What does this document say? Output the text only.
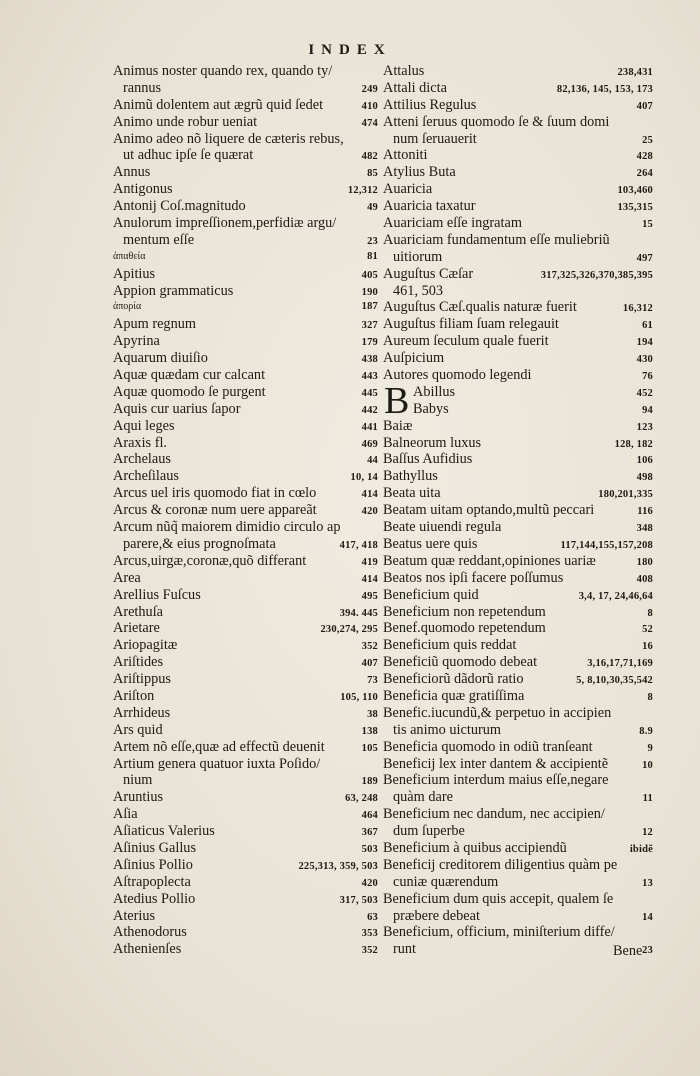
INDEX
Animus noster quando rex, quando ty/
rannus	249
Animũ dolentem aut ægrũ quid ſedet	410
Animo unde robur ueniat	474
Animo adeo nõ liquere de cæteris rebus,
ut adhuc ipſe ſe quærat	482
Annus	85
Antigonus	12,312
Antonij Coſ.magnitudo	49
Anulorum impreſſionem,perfidiæ argu/
mentum eſſe	23
ἀπαθεία	81
Apitius	405
Appion grammaticus	190
ἀπορία	187
Apum regnum	327
Apyrina	179
Aquarum diuiſio	438
Aquæ quædam cur calcant	443
Aquæ quomodo ſe purgent	445
Aquis cur uarius ſapor	442
Aqui leges	441
Araxis fl.	469
Archelaus	44
Archeſilaus	10, 14
Arcus uel iris quomodo fiat in cœlo	414
Arcus & coronæ num uere appareãt	420
Arcum nũq̃ maiorem dimidio circulo ap
parere,& eius prognoſmata	417, 418
Arcus,uirgæ,coronæ,quõ differant	419
Area	414
Arellius Fuſcus	495
Arethuſa	394. 445
Arietare	230,274, 295
Ariopagitæ	352
Ariſtides	407
Ariſtippus	73
Ariſton	105, 110
Arrhideus	38
Ars quid	138
Artem nõ eſſe,quæ ad effectũ deuenit	105
Artium genera quatuor iuxta Poſido/
nium	189
Aruntius	63, 248
Aſia	464
Aſiaticus Valerius	367
Aſinius Gallus	503
Aſinius Pollio	225,313, 359, 503
Aſtrapoplecta	420
Atedius Pollio	317, 503
Aterius	63
Athenodorus	353
Athenienſes	352
Attalus	238,431
Attali dicta	82,136, 145, 153, 173
Attilius Regulus	407
Atteni ſeruus quomodo ſe & ſuum domi
num ſeruauerit	25
Attoniti	428
Atylius Buta	264
Auaricia	103,460
Auaricia taxatur	135,315
Auariciam eſſe ingratam	15
Auariciam fundamentum eſſe muliebriũ
uitiorum	497
Auguſtus Cæſar	317,325,326,370,385,395
461, 503
Auguſtus Cæſ.qualis naturæ fuerit	16,312
Auguſtus filiam ſuam relegauit	61
Aureum ſeculum quale fuerit	194
Auſpicium	430
Autores quomodo legendi	76
B Abillus	452
Babys	94
Baiæ	123
Balneorum luxus	128, 182
Baſſus Aufidius	106
Bathyllus	498
Beata uita	180,201,335
Beatam uitam optando,multũ peccari	116
Beate uiuendi regula	348
Beatus uere quis	117,144,155,157,208
Beatum quæ reddant,opiniones uariæ	180
Beatos nos ipſi facere poſſumus	408
Beneficium quid	3,4, 17, 24,46,64
Beneficium non repetendum	8
Benef.quomodo repetendum	52
Beneficium quis reddat	16
Beneficiũ quomodo debeat	3,16,17,71,169
Beneficiorũ dãdorũ ratio	5, 8,10,30,35,542
Beneficia quæ gratiſſima	8
Benefic.iucundũ,& perpetuo in accipien
tis animo uicturum	8.9
Beneficia quomodo in odiũ tranſeant	9
Beneficij lex inter dantem & accipientẽ	10
Beneficium interdum maius eſſe,negare
quàm dare	11
Beneficium nec dandum, nec accipien/
dum ſuperbe	12
Beneficium à quibus accipiendũ	ibidẽ
Beneficij creditorem diligentius quàm pe
cuniæ quærendum	13
Beneficium dum quis accepit, qualem ſe
præbere debeat	14
Beneficium, officium, miniſterium diffe/
runt	23
Bene
